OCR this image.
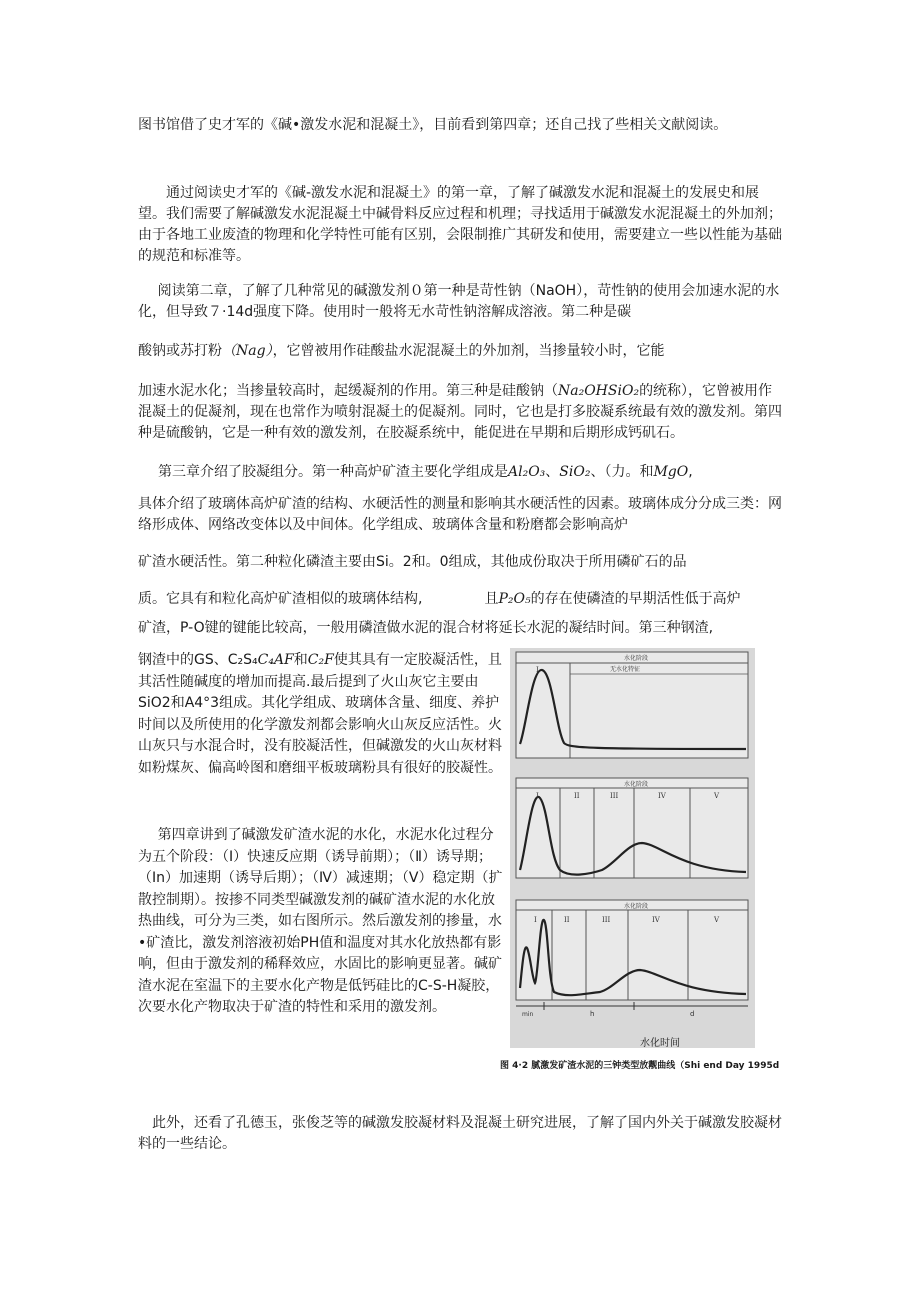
图书馆借了史才军的《碱•激发水泥和混凝土》，目前看到第四章；还自己找了些相关文献阅读。
通过阅读史才军的《碱-激发水泥和混凝土》的第一章，了解了碱激发水泥和混凝土的发展史和展望。我们需要了解碱激发水泥混凝土中碱骨料反应过程和机理；寻找适用于碱激发水泥混凝土的外加剂；由于各地工业废渣的物理和化学特性可能有区别，会限制推广其研发和使用，需要建立一些以性能为基础的规范和标准等。
阅读第二章，了解了几种常见的碱激发剂０第一种是苛性钠（NaOH），苛性钠的使用会加速水泥的水化，但导致７·14d强度下降。使用时一般将无水苛性钠溶解成溶液。第二种是碳
酸钠或苏打粉（Nag），它曾被用作硅酸盐水泥混凝土的外加剂，当掺量较小时，它能
加速水泥水化；当掺量较高时，起缓凝剂的作用。第三种是硅酸钠（Na₂OHSiO₂的统称），它曾被用作混凝土的促凝剂，现在也常作为喷射混凝土的促凝剂。同时，它也是打多胶凝系统最有效的激发剂。第四种是硫酸钠，它是一种有效的激发剂，在胶凝系统中，能促进在早期和后期形成钙矶石。
第三章介绍了胶凝组分。第一种高炉矿渣主要化学组成是Al₂O₃、SiO₂、（力。和MgO,
具体介绍了玻璃体高炉矿渣的结构、水硬活性的测量和影响其水硬活性的因素。玻璃体成分分成三类：网络形成体、网络改变体以及中间体。化学组成、玻璃体含量和粉磨都会影响高炉
矿渣水硬活性。第二种粒化磷渣主要由Si。2和。0组成，其他成份取决于所用磷矿石的品
质。它具有和粒化高炉矿渣相似的玻璃体结构,	且P₂O₅的存在使磷渣的早期活性低于高炉
矿渣，P-O键的键能比较高，一般用磷渣做水泥的混合材将延长水泥的凝结时间。第三种钢渣,
钢渣中的GS、C₂S₄C₄AF和C₂F使其具有一定胶凝活性，且其活性随碱度的增加而提高.最后提到了火山灰它主要由SiO2和A4°3组成。其化学组成、玻璃体含量、细度、养护时间以及所使用的化学激发剂都会影响火山灰反应活性。火山灰只与水混合时，没有胶凝活性，但碱激发的火山灰材料如粉煤灰、偏高岭图和磨细平板玻璃粉具有很好的胶凝性。
第四章讲到了碱激发矿渣水泥的水化，水泥水化过程分为五个阶段：（Ⅰ）快速反应期（诱导前期）；（Ⅱ）诱导期；（In）加速期（诱导后期）；（Ⅳ）减速期；（Ⅴ）稳定期（扩散控制期）。按掺不同类型碱激发剂的碱矿渣水泥的水化放热曲线，可分为三类，如右图所示。然后激发剂的掺量，水•矿渣比，激发剂溶液初始PH值和温度对其水化放热都有影响，但由于激发剂的稀释效应，水固比的影响更显著。碱矿渣水泥在室温下的主要水化产物是低钙硅比的C-S-H凝胶，次要水化产物取决于矿渣的特性和采用的激发剂。
此外，还看了孔德玉，张俊芝等的碱激发胶凝材料及混凝土研究进展，了解了国内外关于碱激发胶凝材料的一些结论。
水化阶段
无水化特征
I
水化阶段
I	II	III	IV	V
水化阶段
I	II	III	IV	V
min	h	d
水化时间
图 4·2 腻激发矿渣水泥的三钟类型放觏曲线（Shi end Day 1995d
